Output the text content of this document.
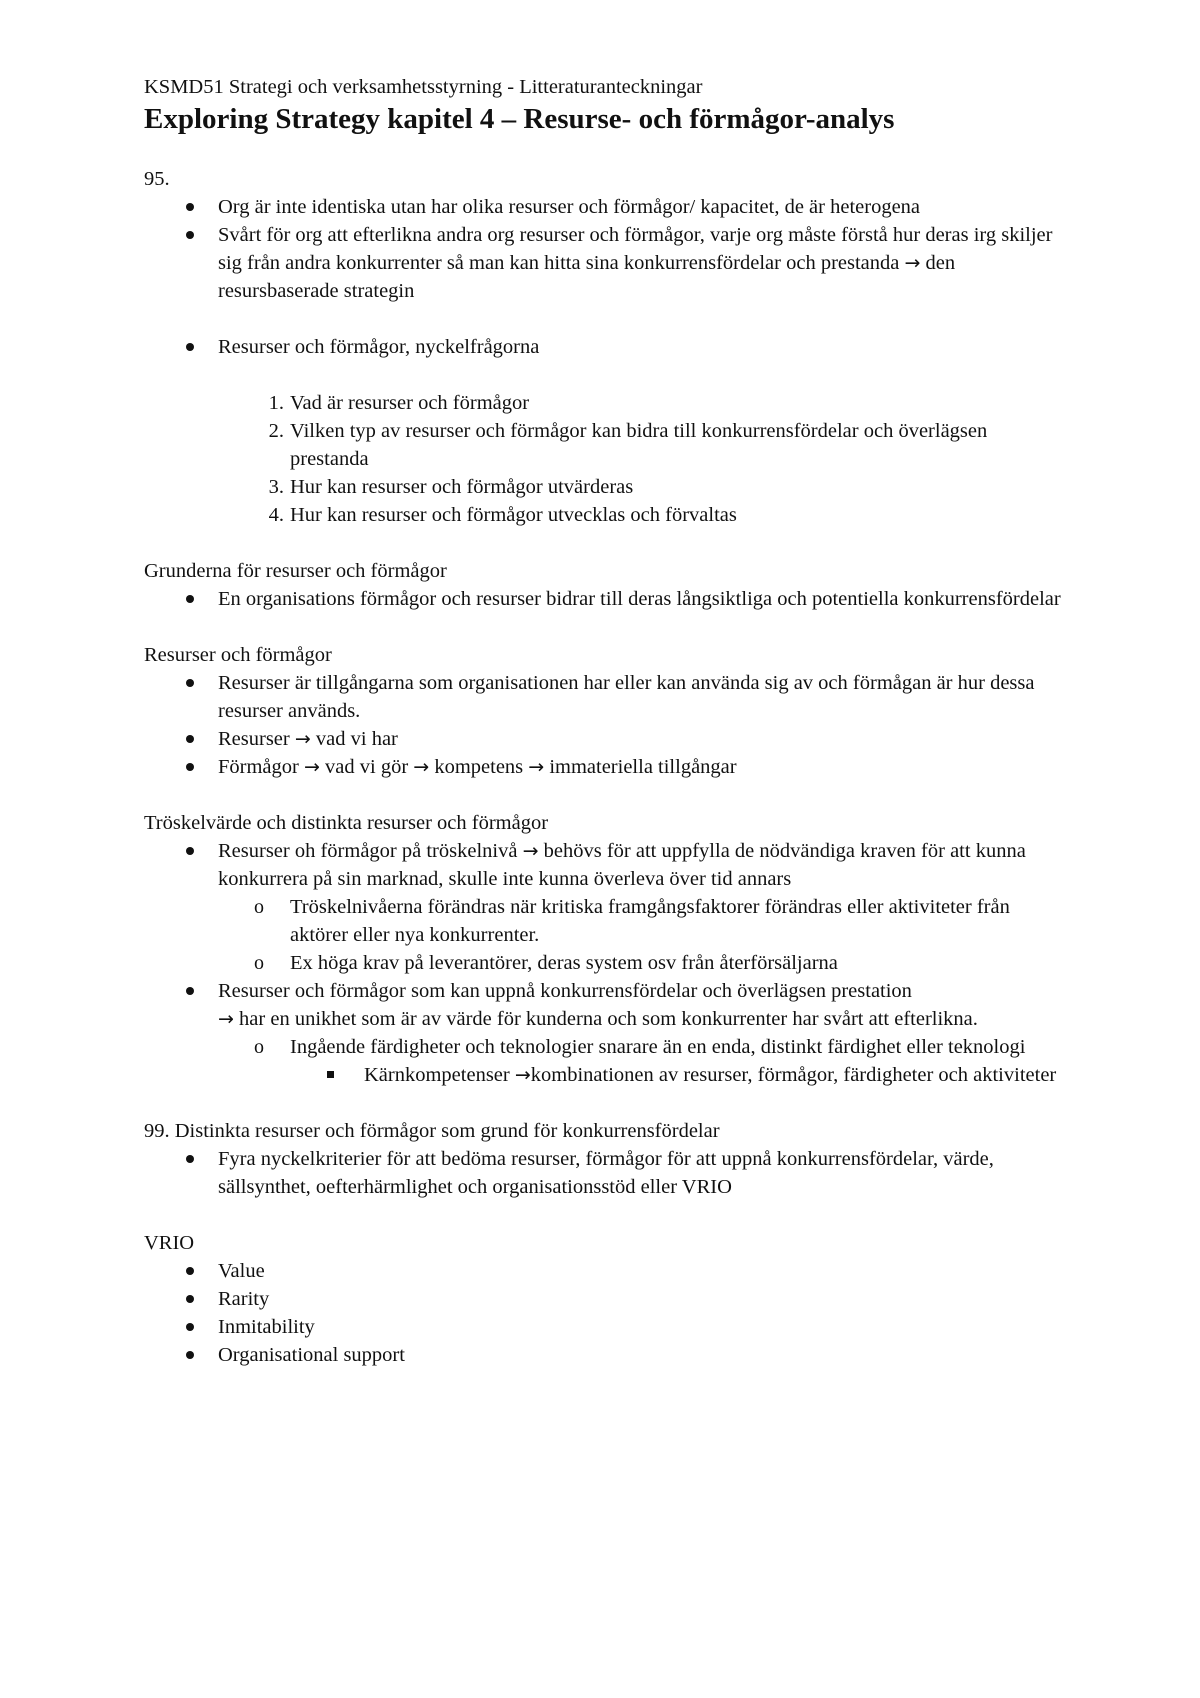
KSMD51 Strategi och verksamhetsstyrning - Litteraturanteckningar

Exploring Strategy kapitel 4 – Resurse- och förmågor-analys

95.

Org är inte identiska utan har olika resurser och förmågor/ kapacitet, de är heterogena
Svårt för org att efterlikna andra org resurser och förmågor, varje org måste förstå hur deras irg skiljer sig från andra konkurrenter så man kan hitta sina konkurrensfördelar och prestanda → den resursbaserade strategin
Resurser och förmågor, nyckelfrågorna
1. Vad är resurser och förmågor
2. Vilken typ av resurser och förmågor kan bidra till konkurrensfördelar och överlägsen prestanda
3. Hur kan resurser och förmågor utvärderas
4. Hur kan resurser och förmågor utvecklas och förvaltas

Grunderna för resurser och förmågor

En organisations förmågor och resurser bidrar till deras långsiktliga och potentiella konkurrensfördelar

Resurser och förmågor

Resurser är tillgångarna som organisationen har eller kan använda sig av och förmågan är hur dessa resurser används.
Resurser → vad vi har
Förmågor → vad vi gör → kompetens → immateriella tillgångar

Tröskelvärde och distinkta resurser och förmågor

Resurser oh förmågor på tröskelnivå → behövs för att uppfylla de nödvändiga kraven för att kunna konkurrera på sin marknad, skulle inte kunna överleva över tid annars
o	Tröskelnivåerna förändras när kritiska framgångsfaktorer förändras eller aktiviteter från aktörer eller nya konkurrenter.
o	Ex höga krav på leverantörer, deras system osv från återförsäljarna
Resurser och förmågor som kan uppnå konkurrensfördelar och överlägsen prestation
→ har en unikhet som är av värde för kunderna och som konkurrenter har svårt att efterlikna.
o	Ingående färdigheter och teknologier snarare än en enda, distinkt färdighet eller teknologi
Kärnkompetenser →kombinationen av resurser, förmågor, färdigheter och aktiviteter

99. Distinkta resurser och förmågor som grund för konkurrensfördelar

Fyra nyckelkriterier för att bedöma resurser, förmågor för att uppnå konkurrensfördelar, värde, sällsynthet, oefterhärmlighet och organisationsstöd eller VRIO

VRIO

Value
Rarity
Inmitability
Organisational support
